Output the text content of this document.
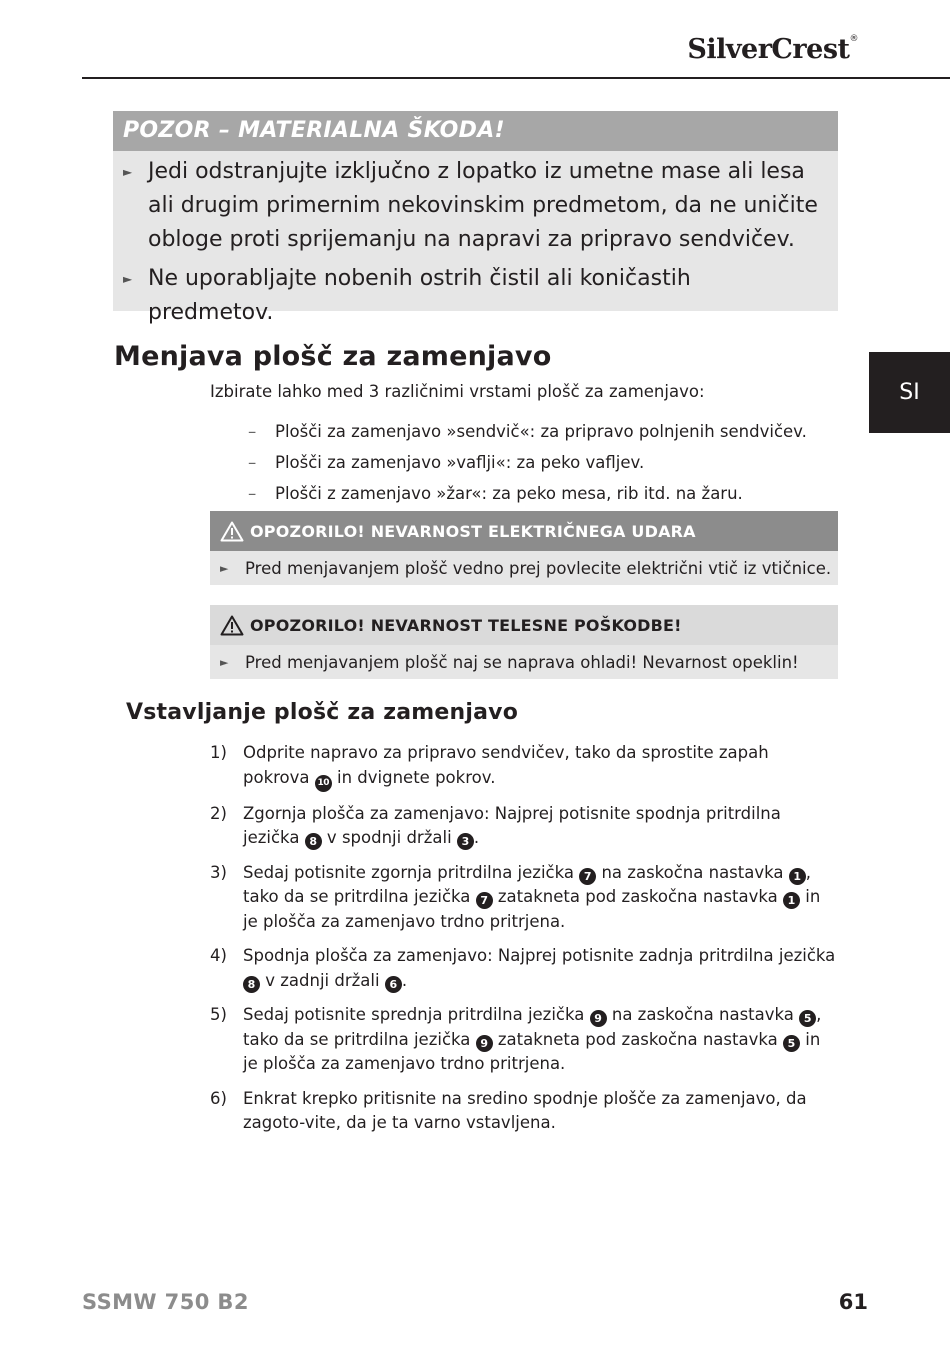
SilverCrest®
SI
POZOR – MATERIALNA ŠKODA!
► Jedi odstranjujte izključno z lopatko iz umetne mase ali lesa ali drugim primernim nekovinskim predmetom, da ne uničite obloge proti sprijemanju na napravi za pripravo sendvičev.
► Ne uporabljajte nobenih ostrih čistil ali koničastih predmetov.
Menjava plošč za zamenjavo

Izbirate lahko med 3 različnimi vrstami plošč za zamenjavo:

– Plošči za zamenjavo »sendvič«: za pripravo polnjenih sendvičev.
– Plošči za zamenjavo »vaflji«: za peko vafljev.
– Plošči z zamenjavo »žar«: za peko mesa, rib itd. na žaru.
OPOZORILO! NEVARNOST ELEKTRIČNEGA UDARA
►	Pred menjavanjem plošč vedno prej povlecite električni vtič iz vtičnice.
OPOZORILO! NEVARNOST TELESNE POŠKODBE!
►	Pred menjavanjem plošč naj se naprava ohladi! Nevarnost opeklin!
Vstavljanje plošč za zamenjavo
1) Odprite napravo za pripravo sendvičev, tako da sprostite zapah pokrova 10 in dvignete pokrov.
2) Zgornja plošča za zamenjavo: Najprej potisnite spodnja pritrdilna jezička 8 v spodnji držali 3 .
3) Sedaj potisnite zgornja pritrdilna jezička 7 na zaskočna nastavka 1 , tako da se pritrdilna jezička 7 zatakneta pod zaskočna nastavka 1 in je plošča za zamenjavo trdno pritrjena.
4) Spodnja plošča za zamenjavo: Najprej potisnite zadnja pritrdilna jezička 8 v zadnji držali 6 .
5) Sedaj potisnite sprednja pritrdilna jezička 9 na zaskočna nastavka 5 , tako da se pritrdilna jezička 9 zatakneta pod zaskočna nastavka 5 in je plošča za zamenjavo trdno pritrjena.
6) Enkrat krepko pritisnite na sredino spodnje plošče za zamenjavo, da zagoto-vite, da je ta varno vstavljena.
SSMW 750 B2	61
